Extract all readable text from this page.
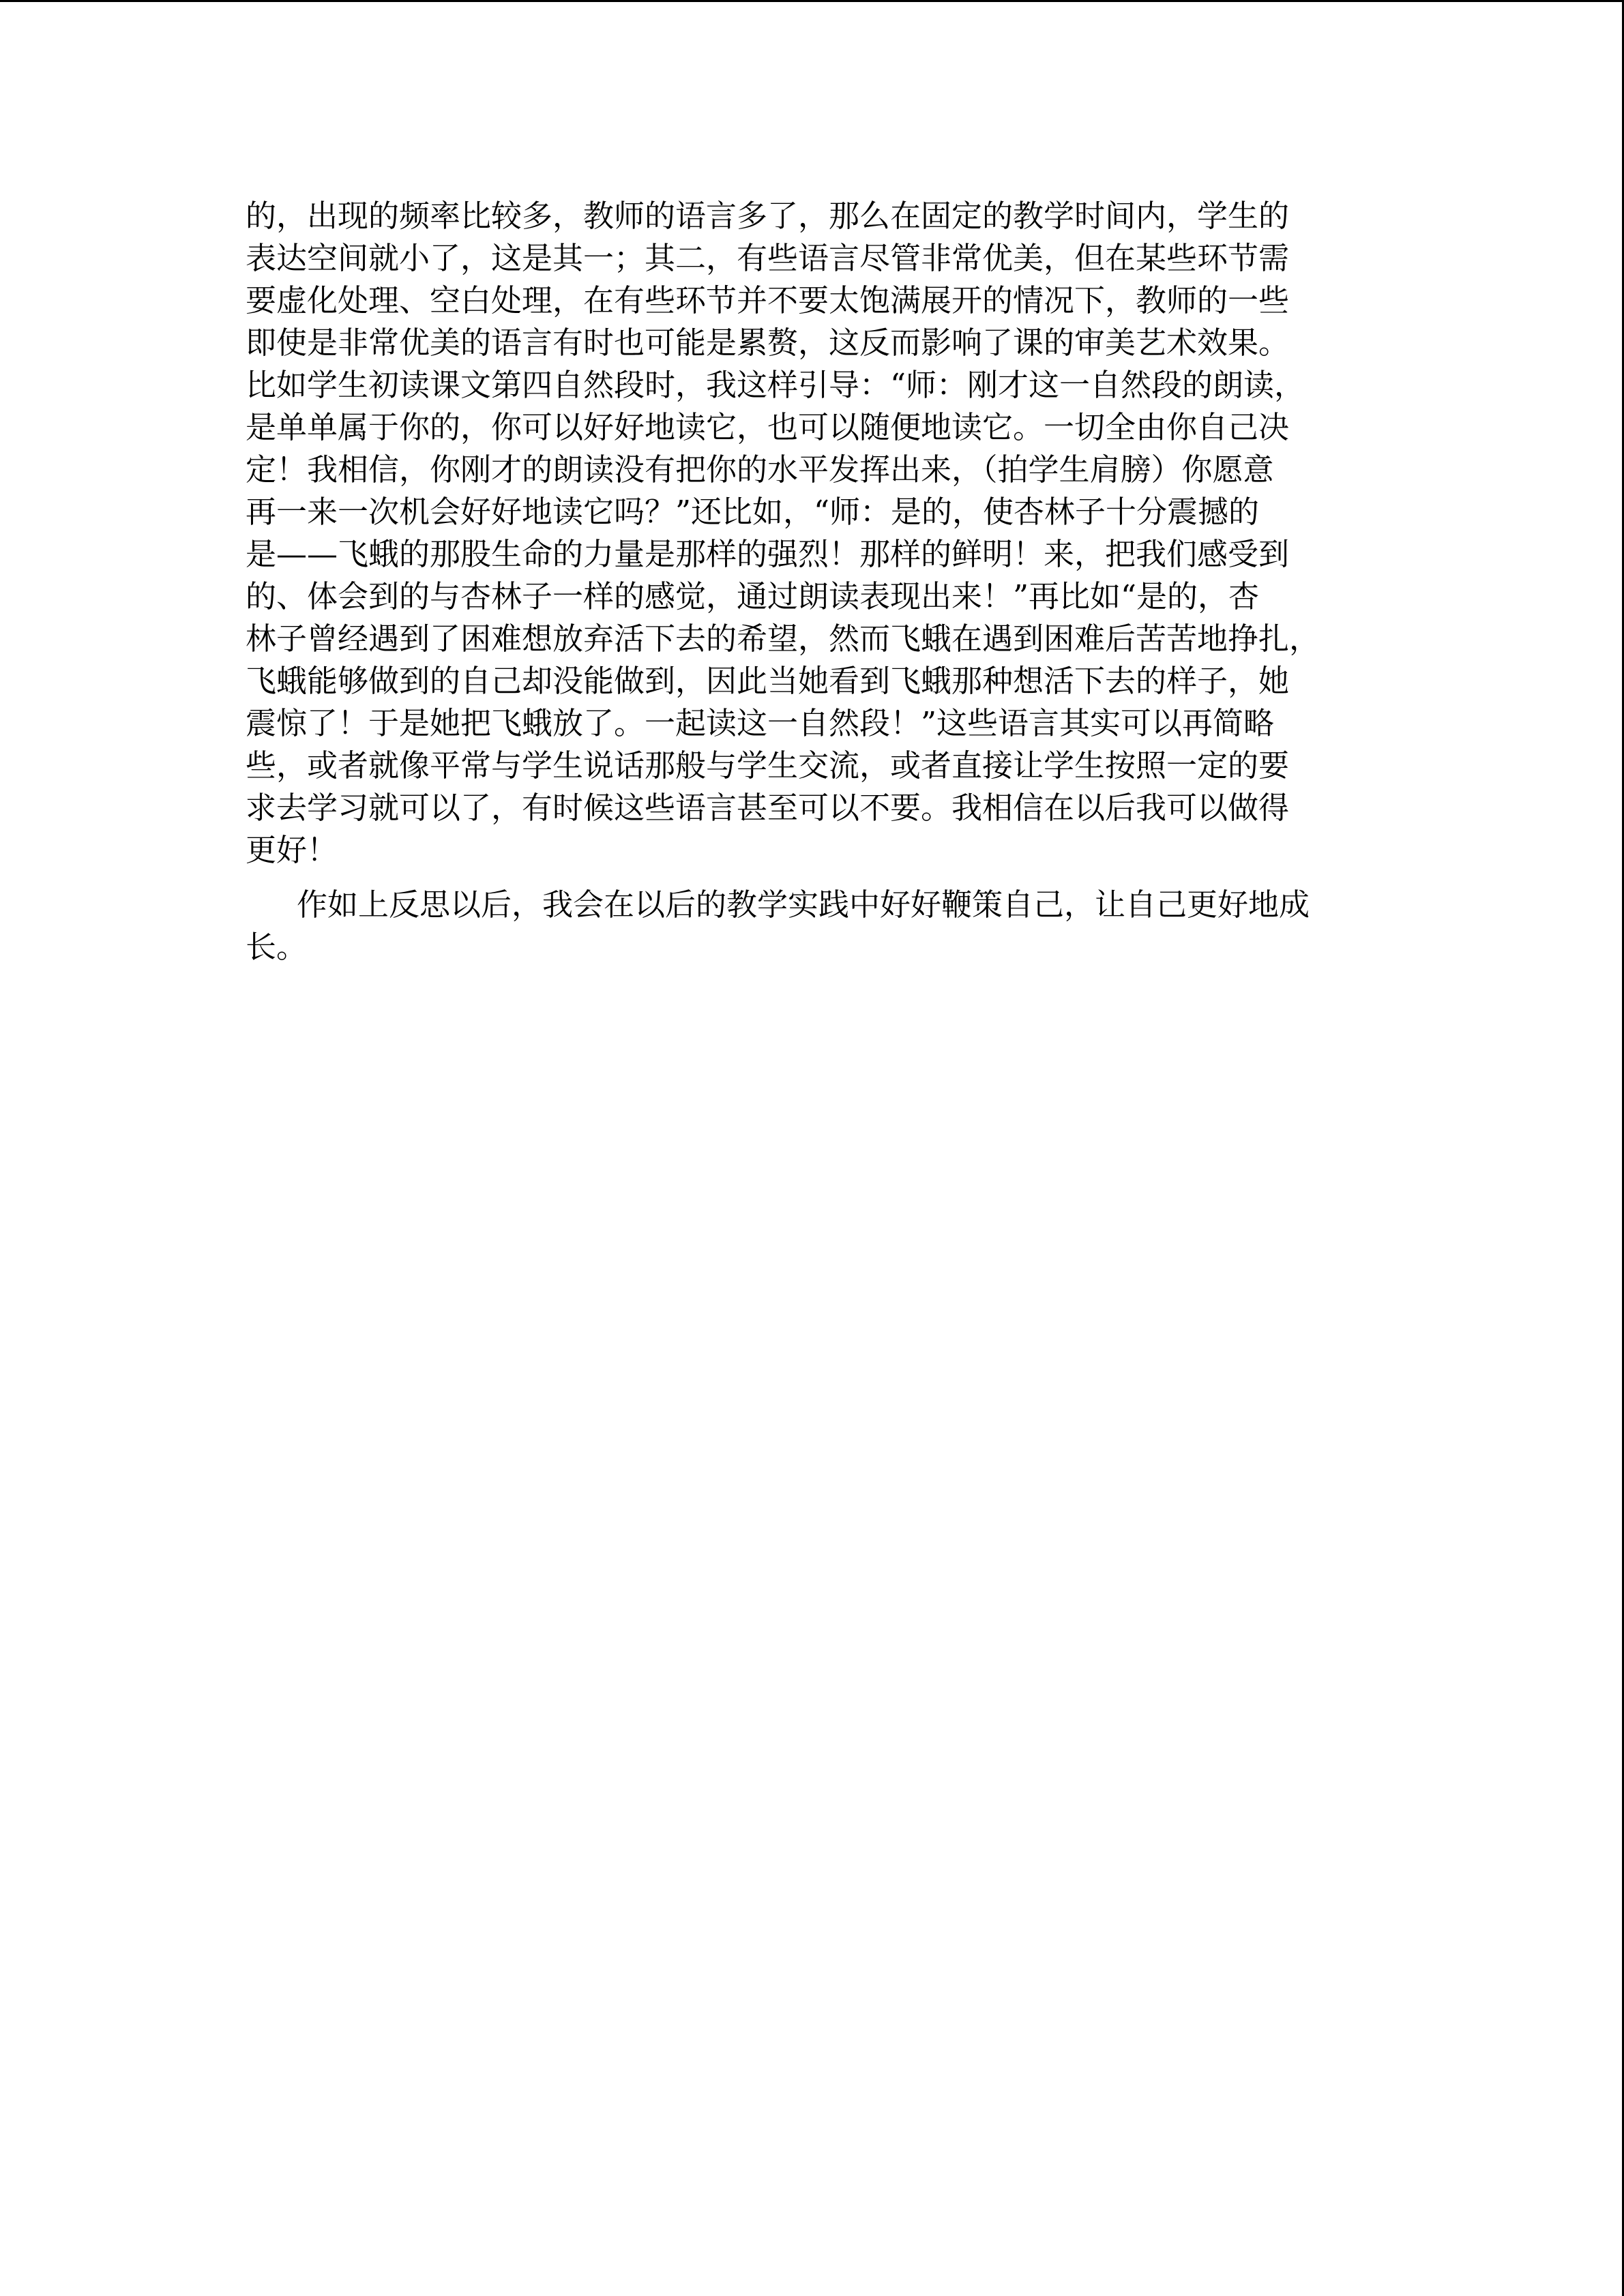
的，出现的频率比较多，教师的语言多了，那么在固定的教学时间内，学生的
表达空间就小了，这是其一；其二，有些语言尽管非常优美，但在某些环节需
要虚化处理、空白处理，在有些环节并不要太饱满展开的情况下，教师的一些
即使是非常优美的语言有时也可能是累赘，这反而影响了课的审美艺术效果。
比如学生初读课文第四自然段时，我这样引导：“师：刚才这一自然段的朗读，
是单单属于你的，你可以好好地读它，也可以随便地读它。一切全由你自己决
定！我相信，你刚才的朗读没有把你的水平发挥出来，（拍学生肩膀）你愿意
再一来一次机会好好地读它吗？”还比如，“师：是的，使杏林子十分震撼的
是——飞蛾的那股生命的力量是那样的强烈！那样的鲜明！来，把我们感受到
的、体会到的与杏林子一样的感觉，通过朗读表现出来！”再比如“是的，杏
林子曾经遇到了困难想放弃活下去的希望，然而飞蛾在遇到困难后苦苦地挣扎，
飞蛾能够做到的自己却没能做到，因此当她看到飞蛾那种想活下去的样子，她
震惊了！于是她把飞蛾放了。一起读这一自然段！”这些语言其实可以再简略
些，或者就像平常与学生说话那般与学生交流，或者直接让学生按照一定的要
求去学习就可以了，有时候这些语言甚至可以不要。我相信在以后我可以做得
更好！

作如上反思以后，我会在以后的教学实践中好好鞭策自己，让自己更好地成
长。
